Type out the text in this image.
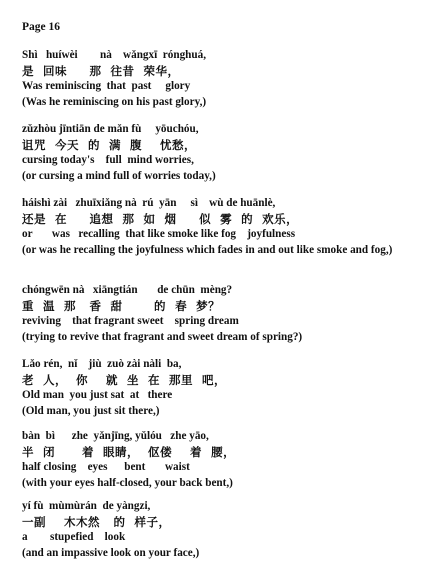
Page 16
Shì   huíwèi        nà    wǎngxī  rónghuá,
是  回味     那  往昔  荣华，
Was reminiscing  that  past     glory
(Was he reminiscing on his past glory,)
zǔzhòu jīntiān de mǎn fù     yōuchóu,
诅咒  今天  的  满  腹    忧愁，
cursing today's    full  mind worries,
(or cursing a mind full of worries today,)
háishì zài   zhuīxiǎng nà  rú  yān     sì    wù de huānlè,
还是  在     追想  那  如  烟     似  雾  的  欢乐，
or       was   recalling  that like smoke like fog    joyfulness
(or was he recalling the joyfulness which fades in and out like smoke and fog,)
chóngwēn nà   xiāngtián       de chūn  mèng?
重  温  那   香  甜       的  春  梦？
reviving    that fragrant sweet    spring dream
(trying to revive that fragrant and sweet dream of spring?)
Lǎo rén,  nǐ    jiù  zuò zài nàli  ba,
老  人，  你    就  坐  在  那里  吧，
Old man  you just sat  at   there
(Old man, you just sit there,)
bàn  bì      zhe  yǎnjīng, yǔlóu   zhe yāo,
半  闭      着  眼睛，  伛偻    着  腰，
half closing    eyes      bent       waist
(with your eyes half-closed, your back bent,)
yí fù  mùmùrán  de yàngzi,
一副    木木然   的  样子，
a        stupefied    look
(and an impassive look on your face,)
